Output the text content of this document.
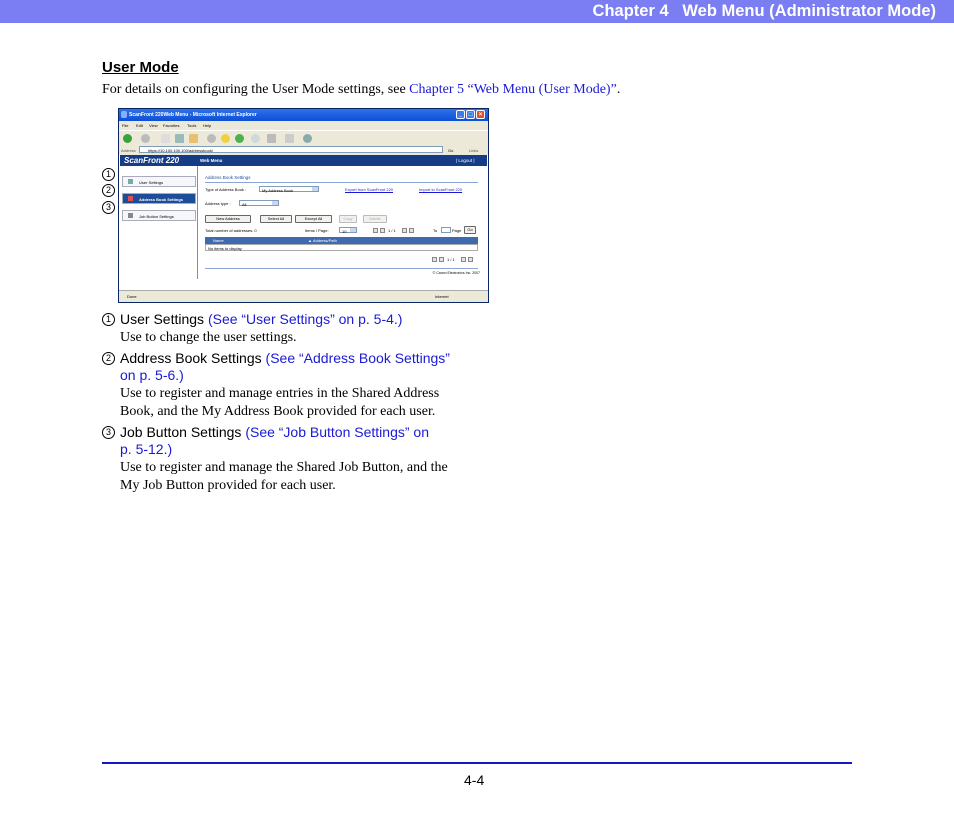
Chapter 4   Web Menu (Administrator Mode)
User Mode
For details on configuring the User Mode settings, see Chapter 5 “Web Menu (User Mode)”.
ScanFront 220Web Menu - Microsoft Internet Explorer	_	□	×
File Edit View Favorites Tools Help
Address	https://10.100.100.100/addressbook/	Go	Links
ScanFront 220	Web Menu	| Logout |
User Settings
Address Book Settings
Job Button Settings
Address Book Settings
Type of Address Book :	My Address Book	Export from ScanFront 220	Import to ScanFront 220
Address type :	All
New Address	Select All	Except All	Copy	Delete
Total number of addresses: 0	Items / Page:	10	1 / 1	To	Page	Go
Name	▲ Address/Path
No items to display
1 / 1
© Canon Electronics Inc. 2007
Done	Internet
1
2
3
1 User Settings (See “User Settings” on p. 5-4.)
Use to change the user settings.
2 Address Book Settings (See “Address Book Settings”
on p. 5-6.)
Use to register and manage entries in the Shared Address Book, and the My Address Book provided for each user.
3 Job Button Settings (See “Job Button Settings” on
p. 5-12.)
Use to register and manage the Shared Job Button, and the My Job Button provided for each user.
4-4
